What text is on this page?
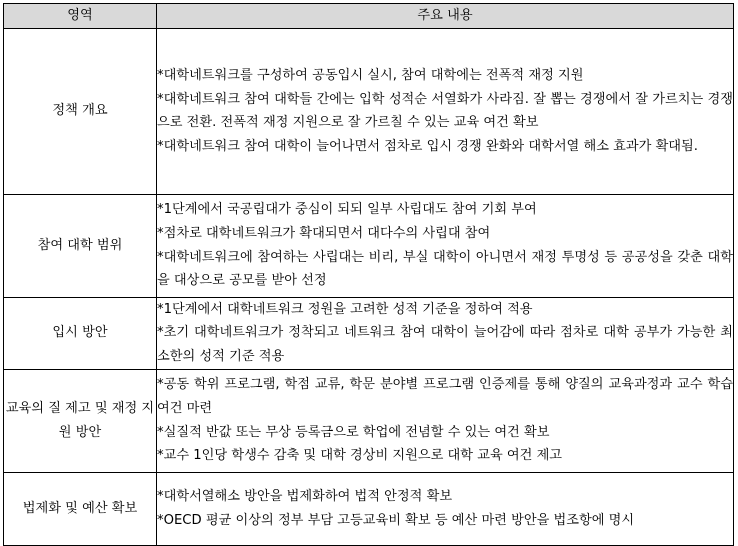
영역	주요 내용
정책 개요	*대학네트워크를 구성하여 공동입시 실시, 참여 대학에는 전폭적 재정 지원

*대학네트워크 참여 대학들 간에는 입학 성적순 서열화가 사라짐. 잘 뽑는 경쟁에서 잘 가르치는 경쟁으로 전환. 전폭적 재정 지원으로 잘 가르칠 수 있는 교육 여건 확보

*대학네트워크 참여 대학이 늘어나면서 점차로 입시 경쟁 완화와 대학서열 해소 효과가 확대됨.

참여 대학 범위	*1단계에서 국공립대가 중심이 되되 일부 사립대도 참여 기회 부여

*점차로 대학네트워크가 확대되면서 대다수의 사립대 참여

*대학네트워크에 참여하는 사립대는 비리, 부실 대학이 아니면서 재정 투명성 등 공공성을 갖춘 대학을 대상으로 공모를 받아 선정

입시 방안	*1단계에서 대학네트워크 정원을 고려한 성적 기준을 정하여 적용

*초기 대학네트워크가 정착되고 네트워크 참여 대학이 늘어감에 따라 점차로 대학 공부가 가능한 최소한의 성적 기준 적용

교육의 질 제고 및 재정 지원 방안	*공동 학위 프로그램, 학점 교류, 학문 분야별 프로그램 인증제를 통해 양질의 교육과정과 교수 학습 여건 마련

*실질적 반값 또는 무상 등록금으로 학업에 전념할 수 있는 여건 확보

*교수 1인당 학생수 감축 및 대학 경상비 지원으로 대학 교육 여건 제고

법제화 및 예산 확보	*대학서열해소 방안을 법제화하여 법적 안정적 확보

*OECD 평균 이상의 정부 부담 고등교육비 확보 등 예산 마련 방안을 법조항에 명시
